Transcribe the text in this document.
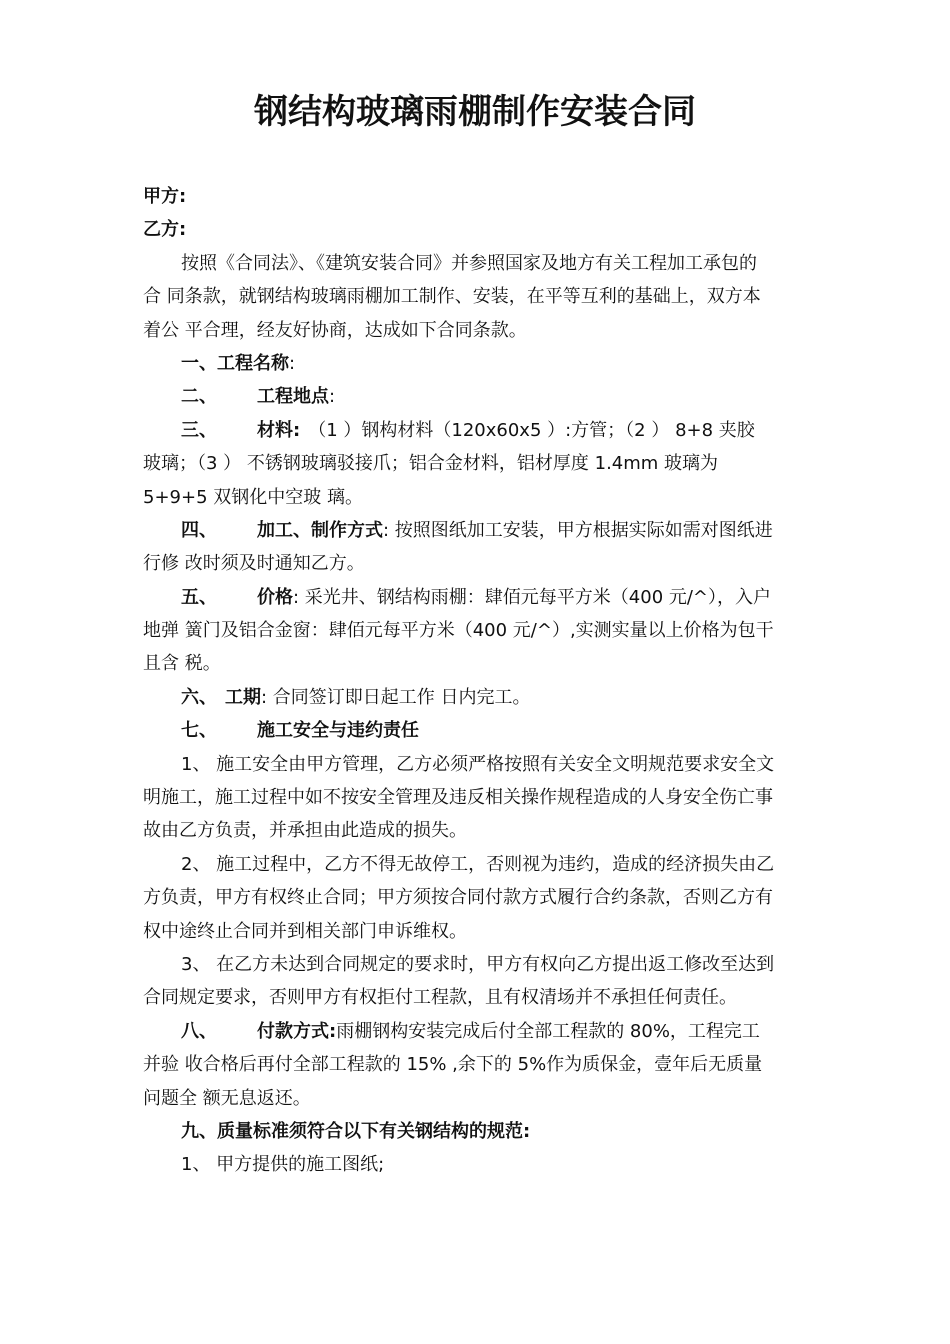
钢结构玻璃雨棚制作安装合同
甲方:
乙方:
按照《合同法》、《建筑安装合同》并参照国家及地方有关工程加工承包的
合 同条款，就钢结构玻璃雨棚加工制作、安装，在平等互利的基础上，双方本
着公 平合理，经友好协商，达成如下合同条款。
一、工程名称:
二、 工程地点:
三、 材料: （1 ）钢构材料（120x60x5 ）:方管；（2 ） 8+8 夹胶
玻璃；（3 ） 不锈钢玻璃驳接爪；铝合金材料，铝材厚度 1.4mm 玻璃为
5+9+5 双钢化中空玻 璃。
四、 加工、制作方式: 按照图纸加工安装，甲方根据实际如需对图纸进
行修 改时须及时通知乙方。
五、 价格: 采光井、钢结构雨棚：肆佰元每平方米（400 元/^），入户
地弹 簧门及铝合金窗：肆佰元每平方米（400 元/^）,实测实量以上价格为包干
且含 税。
六、 工期: 合同签订即日起工作 日内完工。
七、 施工安全与违约责任
1、 施工安全由甲方管理，乙方必须严格按照有关安全文明规范要求安全文
明施工，施工过程中如不按安全管理及违反相关操作规程造成的人身安全伤亡事
故由乙方负责，并承担由此造成的损失。
2、 施工过程中，乙方不得无故停工，否则视为违约，造成的经济损失由乙
方负责，甲方有权终止合同；甲方须按合同付款方式履行合约条款，否则乙方有
权中途终止合同并到相关部门申诉维权。
3、 在乙方未达到合同规定的要求时，甲方有权向乙方提出返工修改至达到
合同规定要求，否则甲方有权拒付工程款，且有权清场并不承担任何责任。
八、 付款方式:雨棚钢构安装完成后付全部工程款的 80%，工程完工
并验 收合格后再付全部工程款的 15% ,余下的 5%作为质保金，壹年后无质量
问题全 额无息返还。
九、质量标准须符合以下有关钢结构的规范:
1、 甲方提供的施工图纸;
